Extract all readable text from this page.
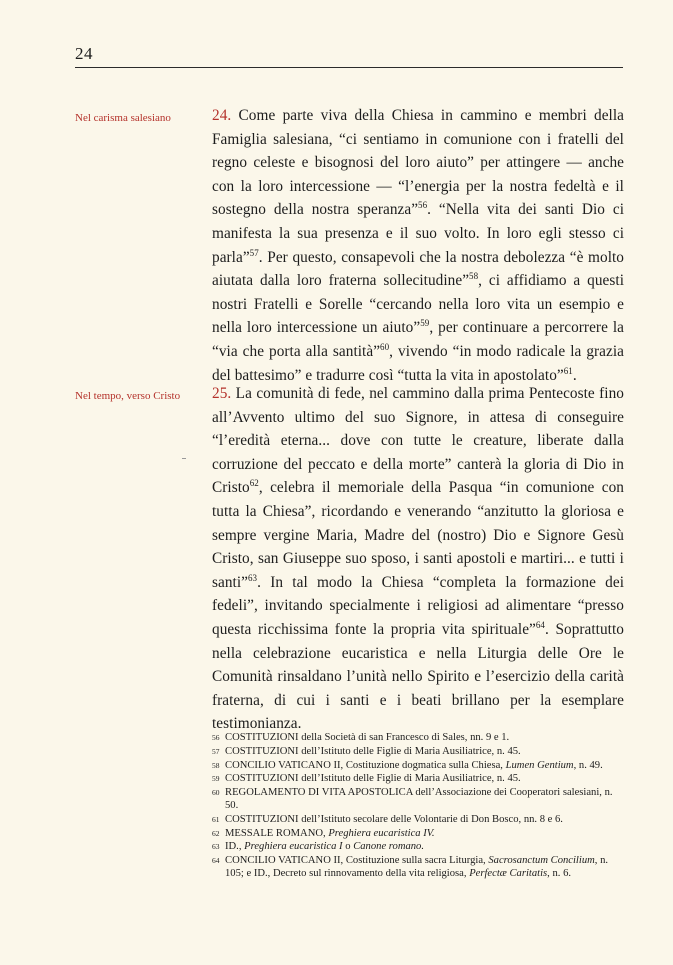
24
Nel carisma salesiano
Nel tempo, verso Cristo

24. Come parte viva della Chiesa in cammino e membri della Famiglia salesiana, “ci sentiamo in comunione con i fratelli del regno celeste e bisognosi del loro aiuto” per attingere — anche con la loro intercessione — “l’energia per la nostra fedeltà e il sostegno della nostra speranza”$^{56}$. “Nella vita dei santi Dio ci manifesta la sua presenza e il suo volto. In loro egli stesso ci parla”$^{57}$. Per questo, consapevoli che la nostra debolezza “è molto aiutata dalla loro fraterna sollecitudine”$^{58}$, ci affidiamo a questi nostri Fratelli e Sorelle “cercando nella loro vita un esempio e nella loro intercessione un aiuto”$^{59}$, per continuare a percorrere la “via che porta alla santità”$^{60}$, vivendo “in modo radicale la grazia del battesimo” e tradurre così “tutta la vita in apostolato”$^{61}$.

25. La comunità di fede, nel cammino dalla prima Pentecoste fino all’Avvento ultimo del suo Signore, in attesa di conseguire “l’eredità eterna... dove con tutte le creature, liberate dalla corruzione del peccato e della morte” canterà la gloria di Dio in Cristo$^{62}$, celebra il memoriale della Pasqua “in comunione con tutta la Chiesa”, ricordando e venerando “anzitutto la gloriosa e sempre vergine Maria, Madre del (nostro) Dio e Signore Gesù Cristo, san Giuseppe suo sposo, i santi apostoli e martiri... e tutti i santi”$^{63}$. In tal modo la Chiesa “completa la formazione dei fedeli”, invitando specialmente i religiosi ad alimentare “presso questa ricchissima fonte la propria vita spirituale”$^{64}$. Soprattutto nella celebrazione eucaristica e nella Liturgia delle Ore le Comunità rinsaldano l’unità nello Spirito e l’esercizio della carità fraterna, di cui i santi e i beati brillano per la esemplare testimonianza.

56 COSTITUZIONI della Società di san Francesco di Sales, nn. 9 e 1.
57 COSTITUZIONI dell’Istituto delle Figlie di Maria Ausiliatrice, n. 45.
58 CONCILIO VATICANO II, Costituzione dogmatica sulla Chiesa, Lumen Gentium, n. 49.
59 COSTITUZIONI dell’Istituto delle Figlie di Maria Ausiliatrice, n. 45.
60 REGOLAMENTO DI VITA APOSTOLICA dell’Associazione dei Cooperatori salesiani, n. 50.
61 COSTITUZIONI dell’Istituto secolare delle Volontarie di Don Bosco, nn. 8 e 6.
62 MESSALE ROMANO, Preghiera eucaristica IV.
63 ID., Preghiera eucaristica I o Canone romano.
64 CONCILIO VATICANO II, Costituzione sulla sacra Liturgia, Sacrosanctum Concilium, n. 105; e ID., Decreto sul rinnovamento della vita religiosa, Perfectæ Caritatis, n. 6.
